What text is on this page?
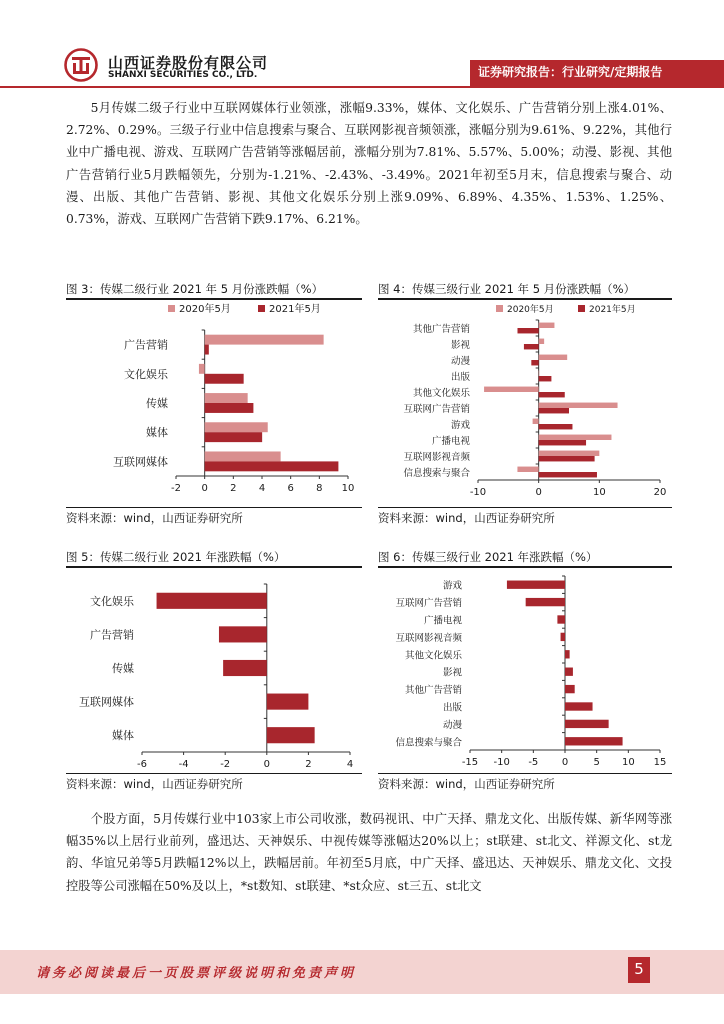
山西证券股份有限公司
SHANXI SECURITIES CO., LTD.	证券研究报告：行业研究/定期报告

5月传媒二级子行业中互联网媒体行业领涨，涨幅9.33%，媒体、文化娱乐、广告营销分别上涨4.01%、2.72%、0.29%。三级子行业中信息搜索与聚合、互联网影视音频领涨，涨幅分别为9.61%、9.22%，其他行业中广播电视、游戏、互联网广告营销等涨幅居前，涨幅分别为7.81%、5.57%、5.00%；动漫、影视、其他广告营销行业5月跌幅领先，分别为-1.21%、-2.43%、-3.49%。2021年初至5月末，信息搜索与聚合、动漫、出版、其他广告营销、影视、其他文化娱乐分别上涨9.09%、6.89%、4.35%、1.53%、1.25%、0.73%，游戏、互联网广告营销下跌9.17%、6.21%。

图 3：传媒二级行业 2021 年 5 月份涨跌幅（%）	图 4：传媒三级行业 2021 年 5 月份涨跌幅（%）
2020年5月	2021年5月
-2 0 2 4 6 8 10
广告营销
文化娱乐
传媒
媒体
互联网媒体
2020年5月	2021年5月
-10	0	10	20
其他广告营销
影视
动漫
出版
其他文化娱乐
互联网广告营销
游戏
广播电视
互联网影视音频
信息搜索与聚合
资料来源：wind，山西证券研究所	资料来源：wind，山西证券研究所
图 5：传媒二级行业 2021 年涨跌幅（%）	图 6：传媒三级行业 2021 年涨跌幅（%）
-6	-4	-2	0	2	4
文化娱乐
广告营销
传媒
互联网媒体
媒体
-15 -10 -5 0	5 10 15
游戏
互联网广告营销
广播电视
互联网影视音频
其他文化娱乐
影视
其他广告营销
出版
动漫
信息搜索与聚合
资料来源：wind，山西证券研究所	资料来源：wind，山西证券研究所

个股方面，5月传媒行业中103家上市公司收涨，数码视讯、中广天择、鼎龙文化、出版传媒、新华网等涨幅35%以上居行业前列，盛迅达、天神娱乐、中视传媒等涨幅达20%以上；st联建、st北文、祥源文化、st龙韵、华谊兄弟等5月跌幅12%以上，跌幅居前。年初至5月底，中广天择、盛迅达、天神娱乐、鼎龙文化、文投控股等公司涨幅在50%及以上，*st数知、st联建、*st众应、st三五、st北文

请务必阅读最后一页股票评级说明和免责声明	5
